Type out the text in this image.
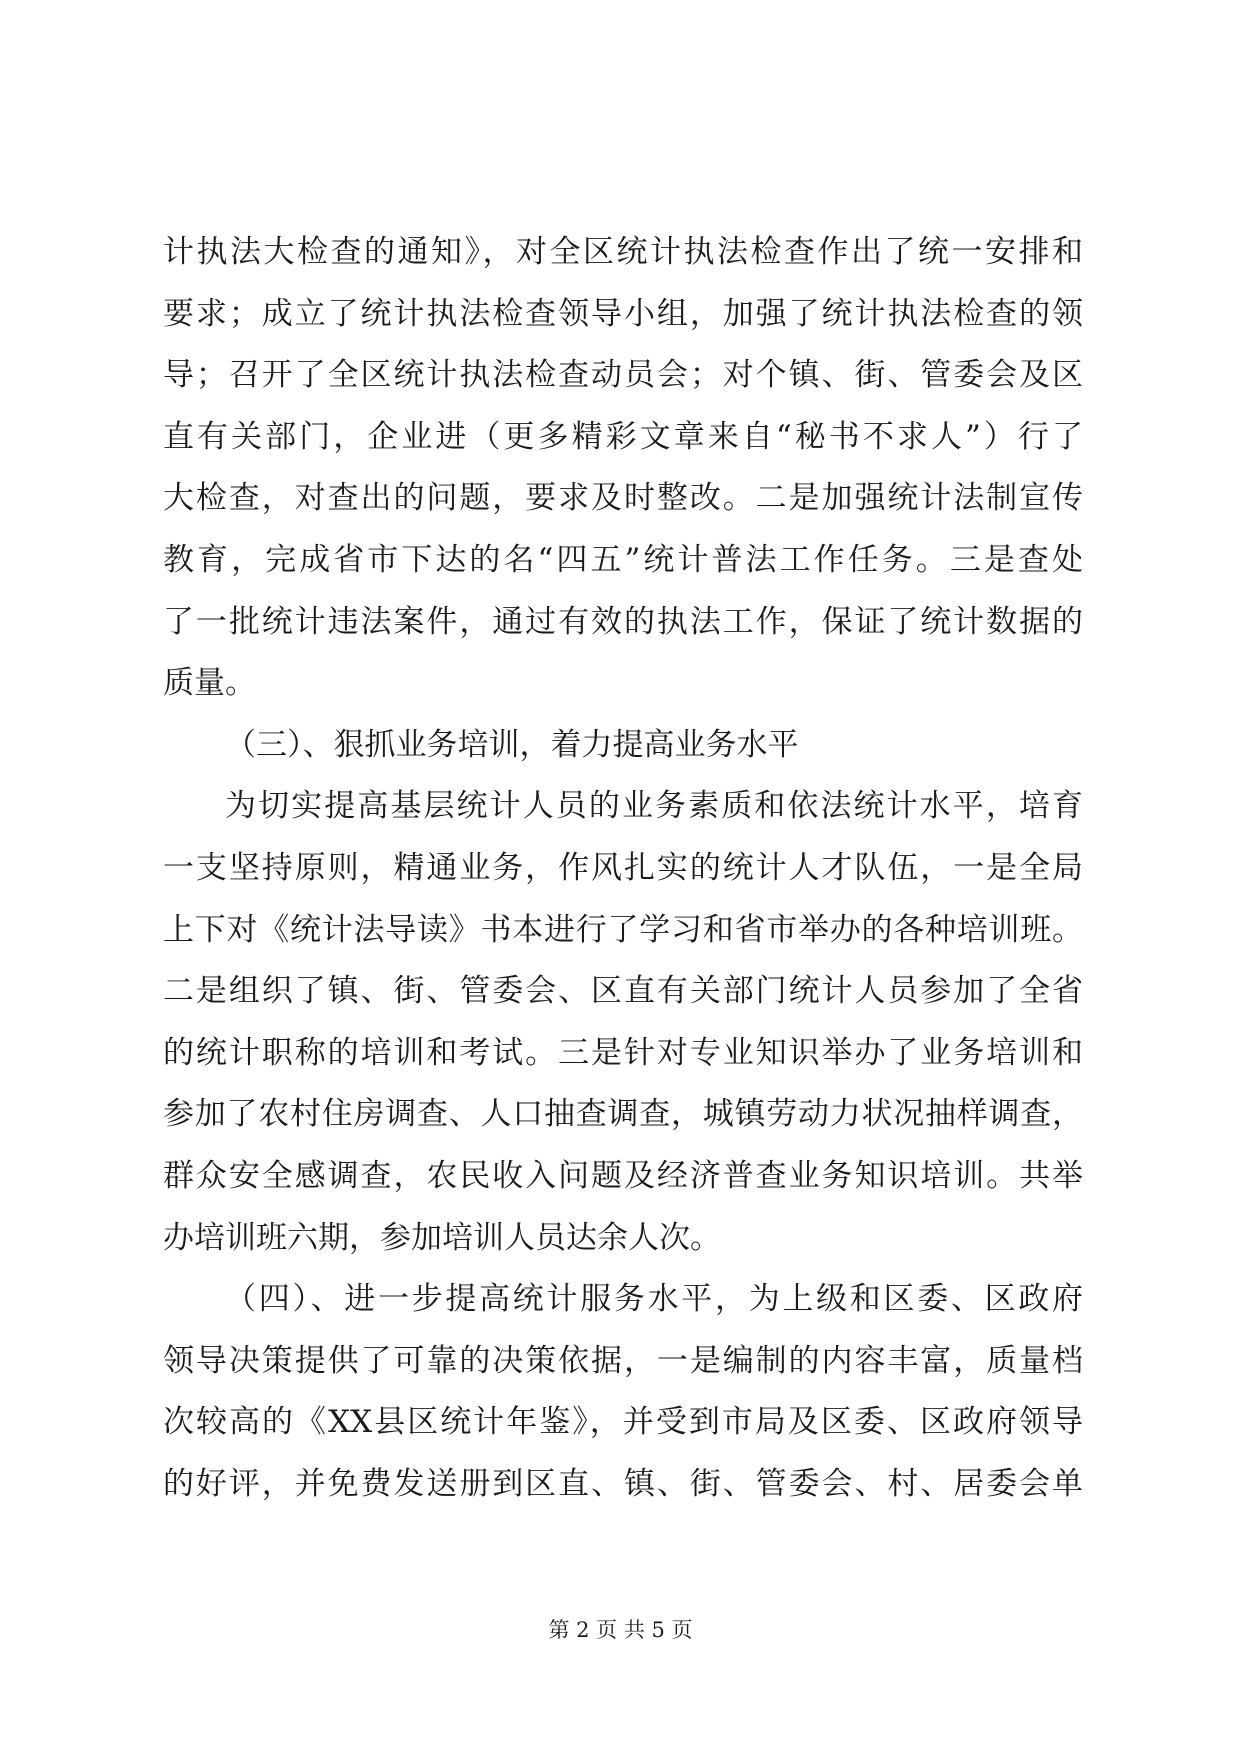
计执法大检查的通知》，对全区统计执法检查作出了统一安排和
要求；成立了统计执法检查领导小组，加强了统计执法检查的领
导；召开了全区统计执法检查动员会；对个镇、街、管委会及区
直有关部门，企业进（更多精彩文章来自“秘书不求人”）行了
大检查，对查出的问题，要求及时整改。二是加强统计法制宣传
教育，完成省市下达的名“四五”统计普法工作任务。三是查处
了一批统计违法案件，通过有效的执法工作，保证了统计数据的
质量。
（三）、狠抓业务培训，着力提高业务水平
为切实提高基层统计人员的业务素质和依法统计水平，培育
一支坚持原则，精通业务，作风扎实的统计人才队伍，一是全局
上下对《统计法导读》书本进行了学习和省市举办的各种培训班。
二是组织了镇、街、管委会、区直有关部门统计人员参加了全省
的统计职称的培训和考试。三是针对专业知识举办了业务培训和
参加了农村住房调查、人口抽查调查，城镇劳动力状况抽样调查，
群众安全感调查，农民收入问题及经济普查业务知识培训。共举
办培训班六期，参加培训人员达余人次。
（四）、进一步提高统计服务水平，为上级和区委、区政府
领导决策提供了可靠的决策依据，一是编制的内容丰富，质量档
次较高的《XX县区统计年鉴》，并受到市局及区委、区政府领导
的好评，并免费发送册到区直、镇、街、管委会、村、居委会单
第 2 页 共 5 页
